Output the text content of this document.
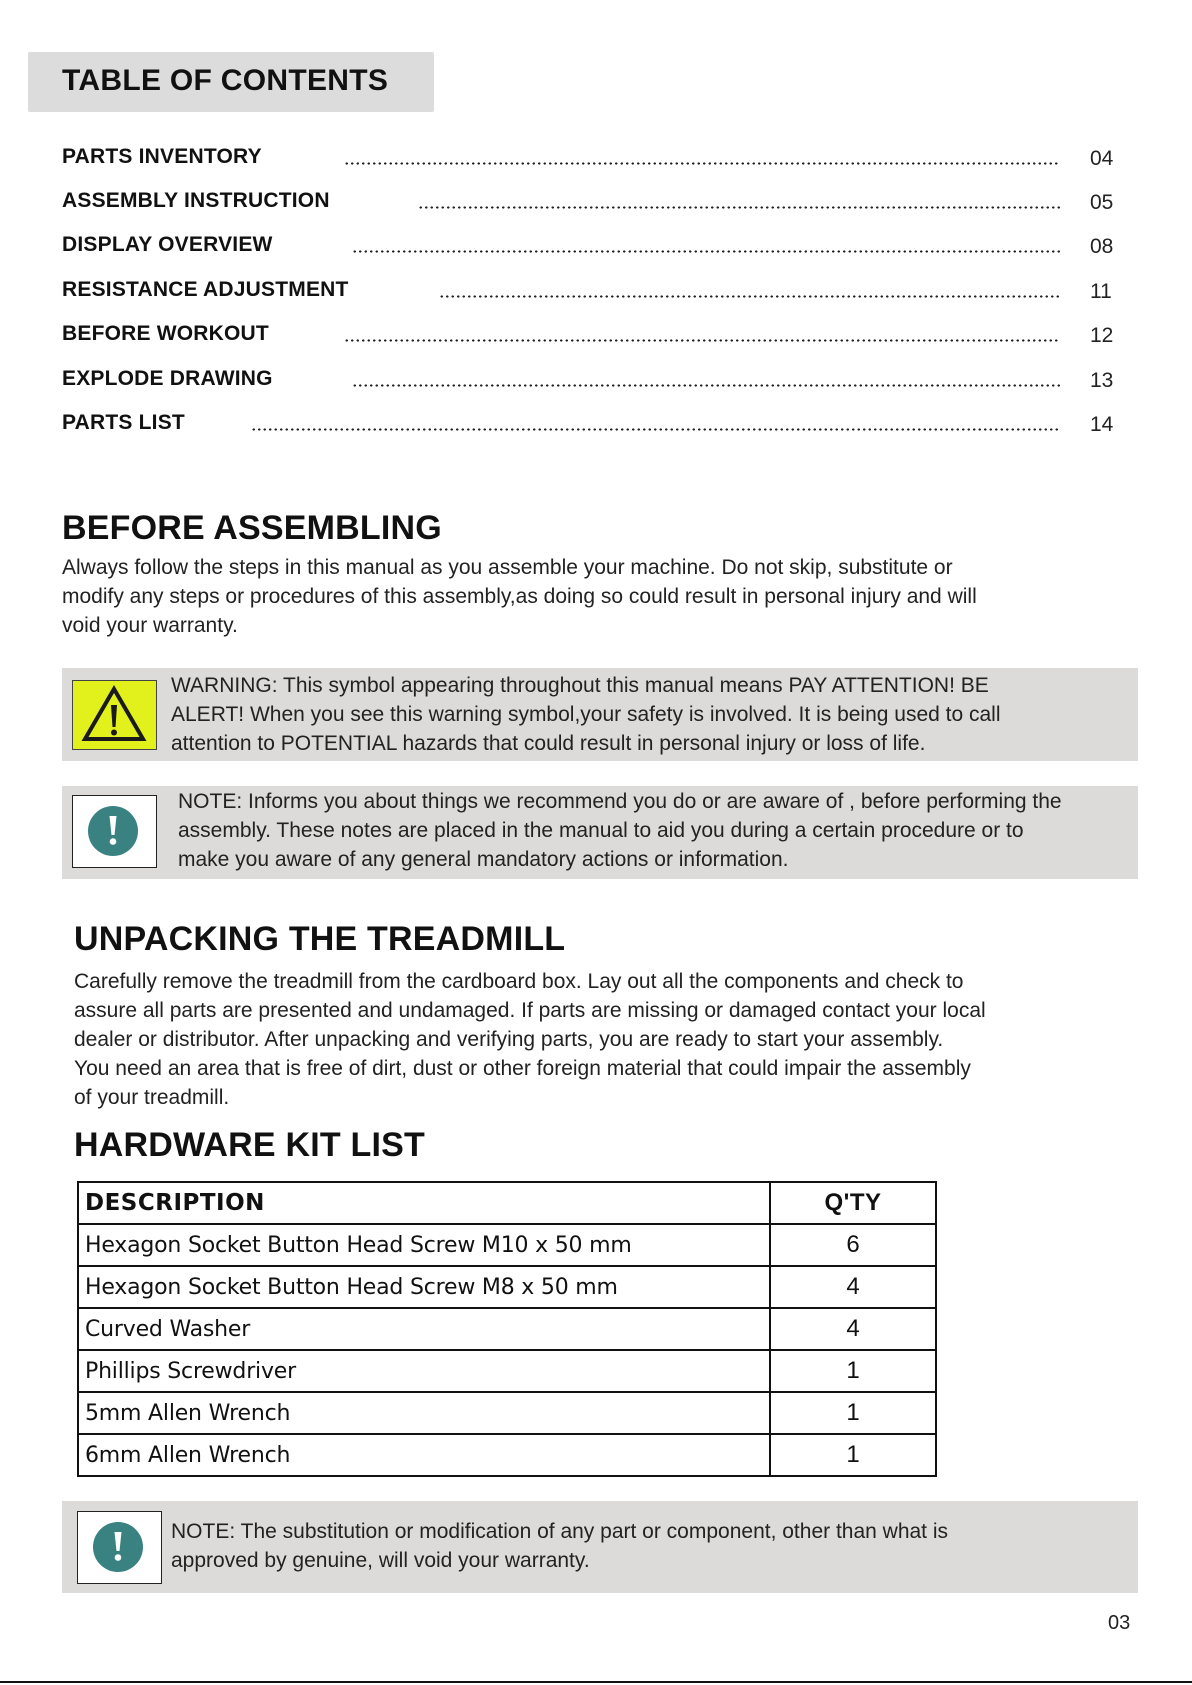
TABLE OF CONTENTS
PARTS INVENTORY	04
ASSEMBLY INSTRUCTION	05
DISPLAY OVERVIEW	08
RESISTANCE ADJUSTMENT	11
BEFORE WORKOUT	12
EXPLODE DRAWING	13
PARTS LIST	14
BEFORE ASSEMBLING
Always follow the steps in this manual as you assemble your machine. Do not skip, substitute or
modify any steps or procedures of this assembly,as doing so could result in personal injury and will
void your warranty.
WARNING: This symbol appearing throughout this manual means PAY ATTENTION! BE
ALERT! When you see this warning symbol,your safety is involved. It is being used to call
attention to POTENTIAL hazards that could result in personal injury or loss of life.
NOTE: Informs you about things we recommend you do or are aware of , before performing the
assembly. These notes are placed in the manual to aid you during a certain procedure or to
make you aware of any general mandatory actions or information.
UNPACKING THE TREADMILL
Carefully remove the treadmill from the cardboard box. Lay out all the components and check to
assure all parts are presented and undamaged. If parts are missing or damaged contact your local
dealer or distributor. After unpacking and verifying parts, you are ready to start your assembly.
You need an area that is free of dirt, dust or other foreign material that could impair the assembly
of your treadmill.
HARDWARE KIT LIST
DESCRIPTION	Q'TY
Hexagon Socket Button Head Screw M10 x 50 mm	6
Hexagon Socket Button Head Screw M8 x 50 mm	4
Curved Washer	4
Phillips Screwdriver	1
5mm Allen Wrench	1
6mm Allen Wrench	1
NOTE: The substitution or modification of any part or component, other than what is
approved by genuine, will void your warranty.
03
